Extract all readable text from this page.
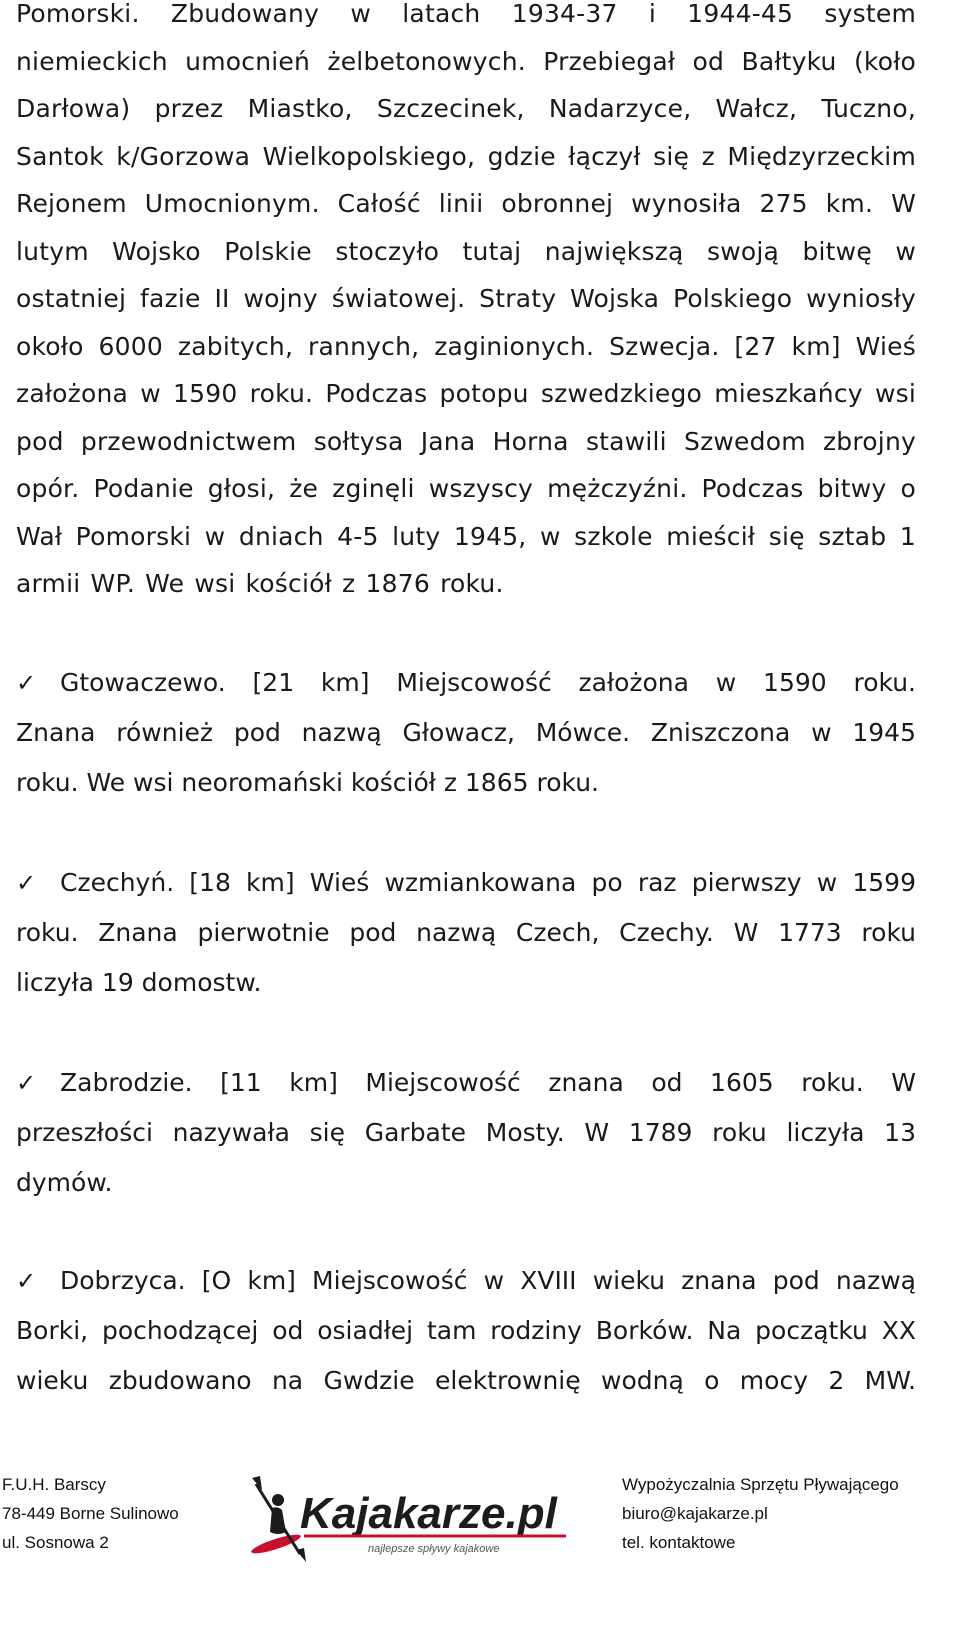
Pomorski. Zbudowany w latach 1934-37 i 1944-45 system
niemieckich umocnień żelbetonowych. Przebiegał od Bałtyku (koło
Darłowa) przez Miastko, Szczecinek, Nadarzyce, Wałcz, Tuczno,
Santok k/Gorzowa Wielkopolskiego, gdzie łączył się z Międzyrzeckim
Rejonem Umocnionym. Całość linii obronnej wynosiła 275 km. W
lutym Wojsko Polskie stoczyło tutaj największą swoją bitwę w
ostatniej fazie II wojny światowej. Straty Wojska Polskiego wyniosły
około 6000 zabitych, rannych, zaginionych. Szwecja. [27 km] Wieś
założona w 1590 roku. Podczas potopu szwedzkiego mieszkańcy wsi
pod przewodnictwem sołtysa Jana Horna stawili Szwedom zbrojny
opór. Podanie głosi, że zginęli wszyscy mężczyźni. Podczas bitwy o
Wał Pomorski w dniach 4-5 luty 1945, w szkole mieścił się sztab 1
armii WP. We wsi kościół z 1876 roku.

✓ Gtowaczewo. [21 km] Miejscowość założona w 1590 roku.
Znana również pod nazwą Głowacz, Mówce. Zniszczona w 1945
roku. We wsi neoromański kościół z 1865 roku.

✓ Czechyń. [18 km] Wieś wzmiankowana po raz pierwszy w 1599
roku. Znana pierwotnie pod nazwą Czech, Czechy. W 1773 roku
liczyła 19 domostw.

✓ Zabrodzie. [11 km] Miejscowość znana od 1605 roku. W
przeszłości nazywała się Garbate Mosty. W 1789 roku liczyła 13
dymów.

✓ Dobrzyca. [O km] Miejscowość w XVIII wieku znana pod nazwą
Borki, pochodzącej od osiadłej tam rodziny Borków. Na początku XX
wieku zbudowano na Gwdzie elektrownię wodną o mocy 2 MW.

F.U.H. Barscy
78-449 Borne Sulinowo
ul. Sosnowa 2
Kajakarze.pl
najlepsze spływy kajakowe
Wypożyczalnia Sprzętu Pływającego
biuro@kajakarze.pl
tel. kontaktowe
